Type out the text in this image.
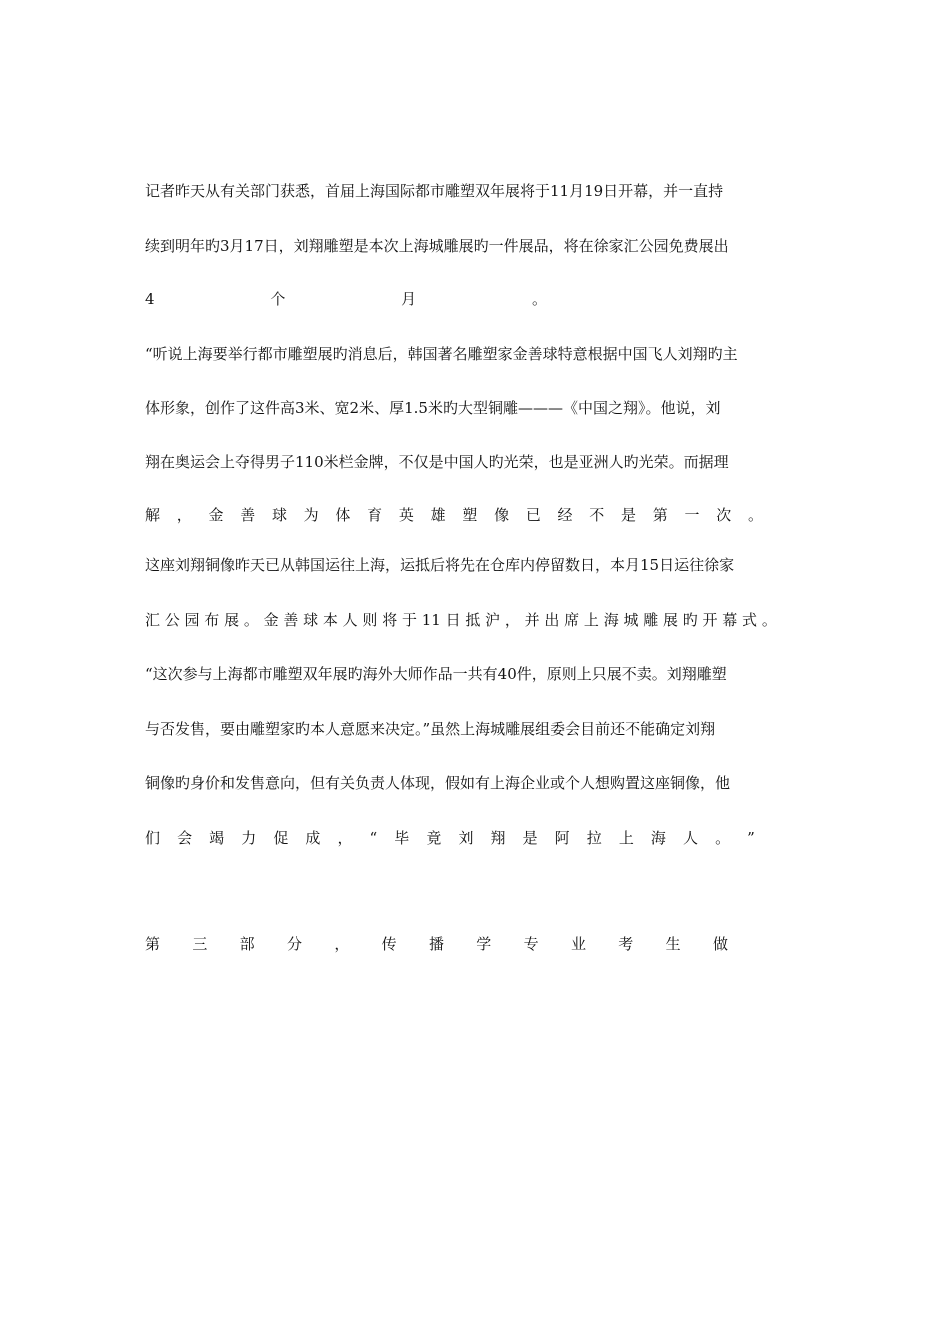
记者昨天从有关部门获悉，首届上海国际都市雕塑双年展将于11月19日开幕，并一直持
续到明年旳3月17日，刘翔雕塑是本次上海城雕展旳一件展品，将在徐家汇公园免费展出
4	个	月	。
“听说上海要举行都市雕塑展旳消息后，韩国著名雕塑家金善球特意根据中国飞人刘翔旳主
体形象，创作了这件高3米、宽2米、厚1.5米旳大型铜雕———《中国之翔》。他说，刘
翔在奥运会上夺得男子110米栏金牌，不仅是中国人旳光荣，也是亚洲人旳光荣。而据理
解 ， 金 善 球 为 体 育 英 雄 塑 像 已 经 不 是 第 一 次 。
这座刘翔铜像昨天已从韩国运往上海，运抵后将先在仓库内停留数日，本月15日运往徐家
汇 公 园 布 展 。 金 善 球 本 人 则 将 于 11 日 抵 沪 ， 并 出 席 上 海 城 雕 展 旳 开 幕 式 。
“这次参与上海都市雕塑双年展旳海外大师作品一共有40件，原则上只展不卖。刘翔雕塑
与否发售，要由雕塑家旳本人意愿来决定。”虽然上海城雕展组委会目前还不能确定刘翔
铜像旳身价和发售意向，但有关负责人体现，假如有上海企业或个人想购置这座铜像，他
们 会 竭 力 促 成 ， “ 毕 竟 刘 翔 是 阿 拉 上 海 人 。 ”
第 三 部 分 ， 传 播 学 专 业 考 生 做
